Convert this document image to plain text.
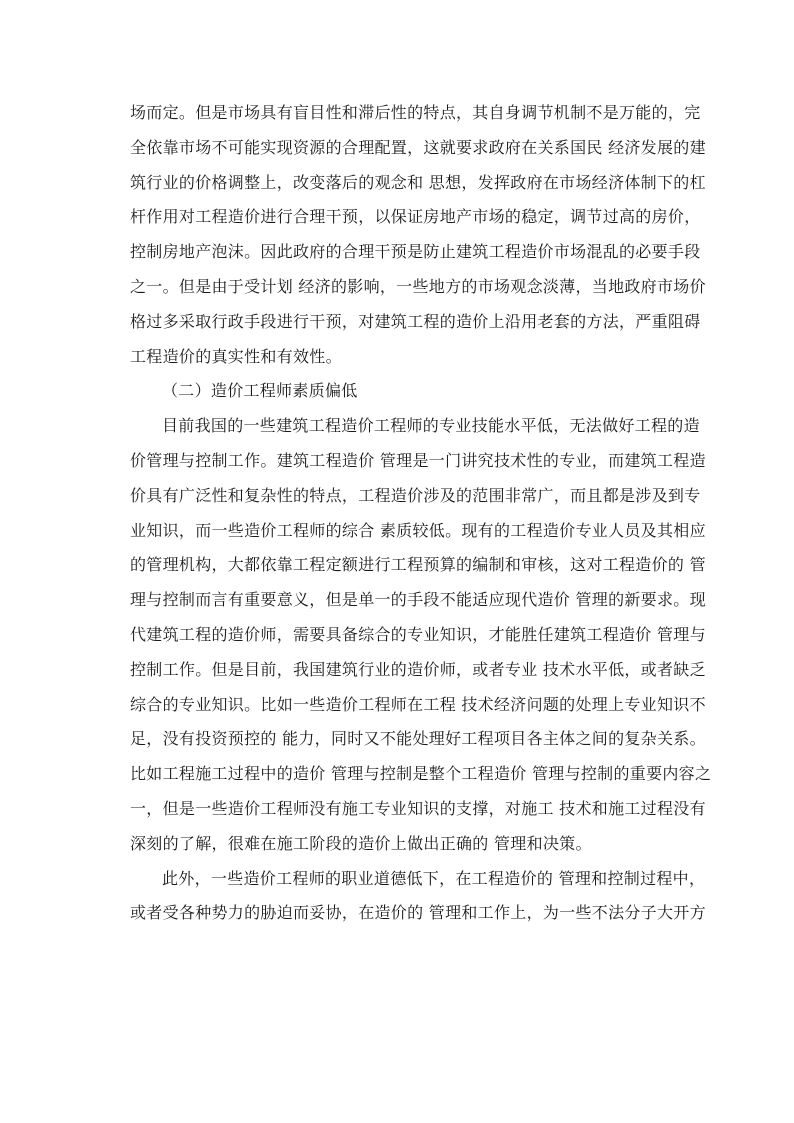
场而定。但是市场具有盲目性和滞后性的特点，其自身调节机制不是万能的，完
全依靠市场不可能实现资源的合理配置，这就要求政府在关系国民 经济发展的建
筑行业的价格调整上，改变落后的观念和 思想，发挥政府在市场经济体制下的杠
杆作用对工程造价进行合理干预，以保证房地产市场的稳定，调节过高的房价，
控制房地产泡沫。因此政府的合理干预是防止建筑工程造价市场混乱的必要手段
之一。但是由于受计划 经济的影响，一些地方的市场观念淡薄，当地政府市场价
格过多采取行政手段进行干预，对建筑工程的造价上沿用老套的方法，严重阻碍
工程造价的真实性和有效性。
（二）造价工程师素质偏低
目前我国的一些建筑工程造价工程师的专业技能水平低，无法做好工程的造
价管理与控制工作。建筑工程造价 管理是一门讲究技术性的专业，而建筑工程造
价具有广泛性和复杂性的特点，工程造价涉及的范围非常广，而且都是涉及到专
业知识，而一些造价工程师的综合 素质较低。现有的工程造价专业人员及其相应
的管理机构，大都依靠工程定额进行工程预算的编制和审核，这对工程造价的 管
理与控制而言有重要意义，但是单一的手段不能适应现代造价 管理的新要求。现
代建筑工程的造价师，需要具备综合的专业知识，才能胜任建筑工程造价 管理与
控制工作。但是目前，我国建筑行业的造价师，或者专业 技术水平低，或者缺乏
综合的专业知识。比如一些造价工程师在工程 技术经济问题的处理上专业知识不
足，没有投资预控的 能力，同时又不能处理好工程项目各主体之间的复杂关系。
比如工程施工过程中的造价 管理与控制是整个工程造价 管理与控制的重要内容之
一，但是一些造价工程师没有施工专业知识的支撑，对施工 技术和施工过程没有
深刻的了解，很难在施工阶段的造价上做出正确的 管理和决策。
此外，一些造价工程师的职业道德低下，在工程造价的 管理和控制过程中，
或者受各种势力的胁迫而妥协，在造价的 管理和工作上，为一些不法分子大开方
